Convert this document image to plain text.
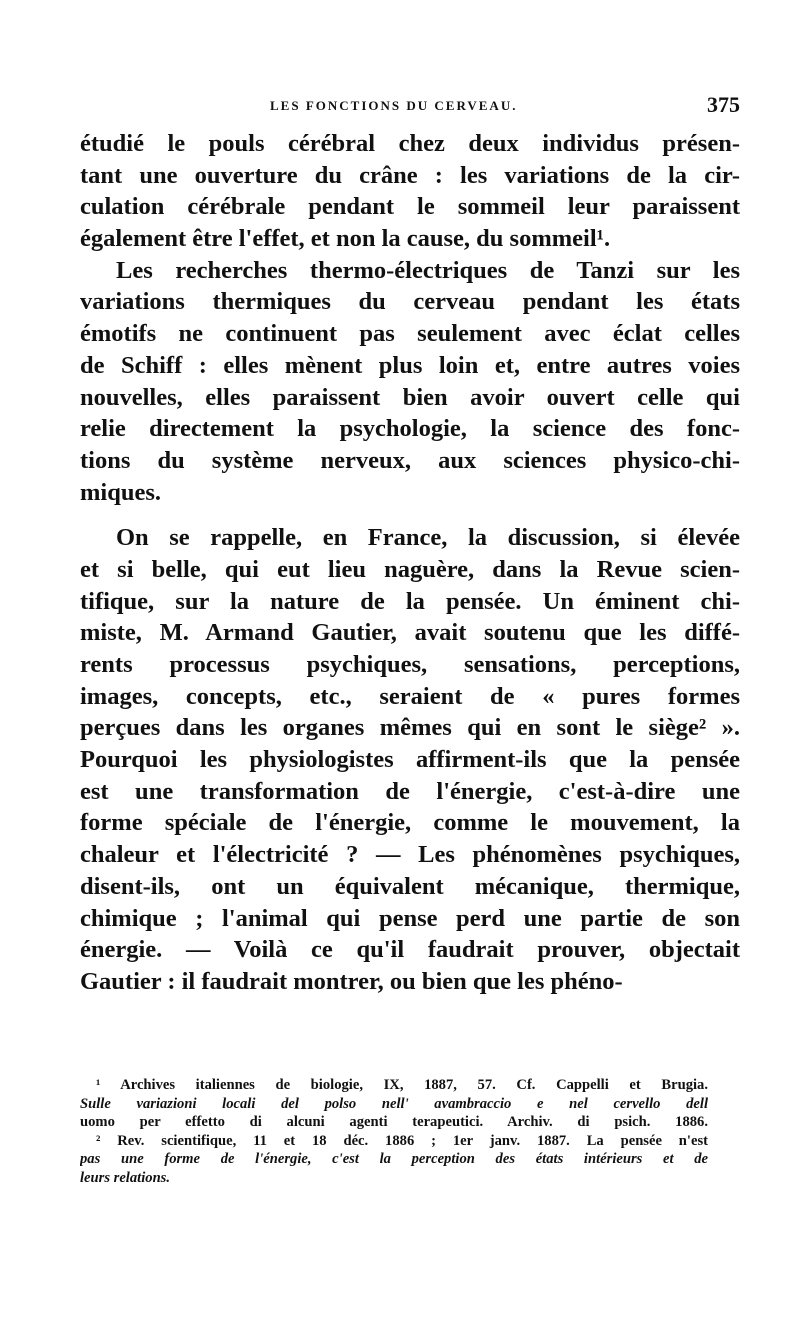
LES FONCTIONS DU CERVEAU.	375
étudié le pouls cérébral chez deux individus présen-
tant une ouverture du crâne : les variations de la cir-
culation cérébrale pendant le sommeil leur paraissent
également être l'effet, et non la cause, du sommeil¹.
Les recherches thermo-électriques de Tanzi sur les
variations thermiques du cerveau pendant les états
émotifs ne continuent pas seulement avec éclat celles
de Schiff : elles mènent plus loin et, entre autres voies
nouvelles, elles paraissent bien avoir ouvert celle qui
relie directement la psychologie, la science des fonc-
tions du système nerveux, aux sciences physico-chi-
miques.
On se rappelle, en France, la discussion, si élevée
et si belle, qui eut lieu naguère, dans la Revue scien-
tifique, sur la nature de la pensée. Un éminent chi-
miste, M. Armand Gautier, avait soutenu que les diffé-
rents processus psychiques, sensations, perceptions,
images, concepts, etc., seraient de « pures formes
perçues dans les organes mêmes qui en sont le siège² ».
Pourquoi les physiologistes affirment-ils que la pensée
est une transformation de l'énergie, c'est-à-dire une
forme spéciale de l'énergie, comme le mouvement, la
chaleur et l'électricité ? — Les phénomènes psychiques,
disent-ils, ont un équivalent mécanique, thermique,
chimique ; l'animal qui pense perd une partie de son
énergie. — Voilà ce qu'il faudrait prouver, objectait
Gautier : il faudrait montrer, ou bien que les phéno-
¹ Archives italiennes de biologie, IX, 1887, 57. Cf. Cappelli et Brugia.
Sulle variazioni locali del polso nell' avambraccio e nel cervello dell
uomo per effetto di alcuni agenti terapeutici. Archiv. di psich. 1886.
² Rev. scientifique, 11 et 18 déc. 1886 ; 1er janv. 1887. La pensée n'est
pas une forme de l'énergie, c'est la perception des états intérieurs et de
leurs relations.
